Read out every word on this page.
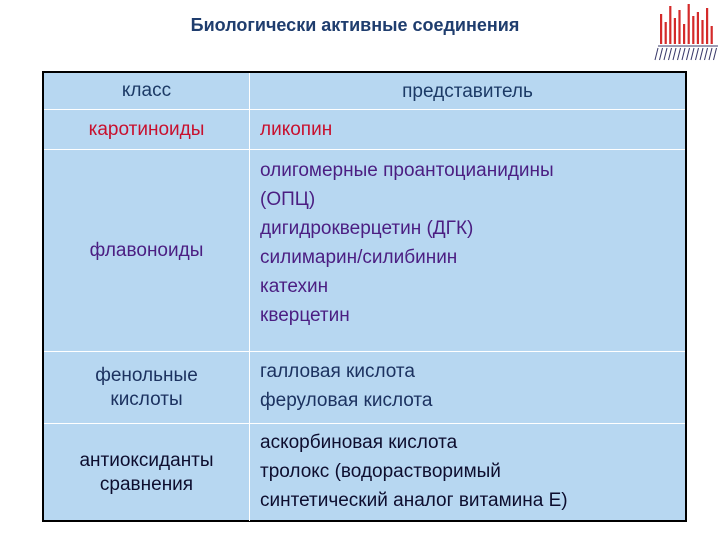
Биологически активные соединения
класс	представитель
каротиноиды	ликопин
флавоноиды
олигомерные проантоцианидины
(ОПЦ)
дигидрокверцетин (ДГК)
силимарин/силибинин
катехин
кверцетин
фенольные
кислоты
галловая кислота
феруловая кислота
антиоксиданты
сравнения
аскорбиновая кислота
тролокс (водорастворимый
синтетический аналог витамина Е)
